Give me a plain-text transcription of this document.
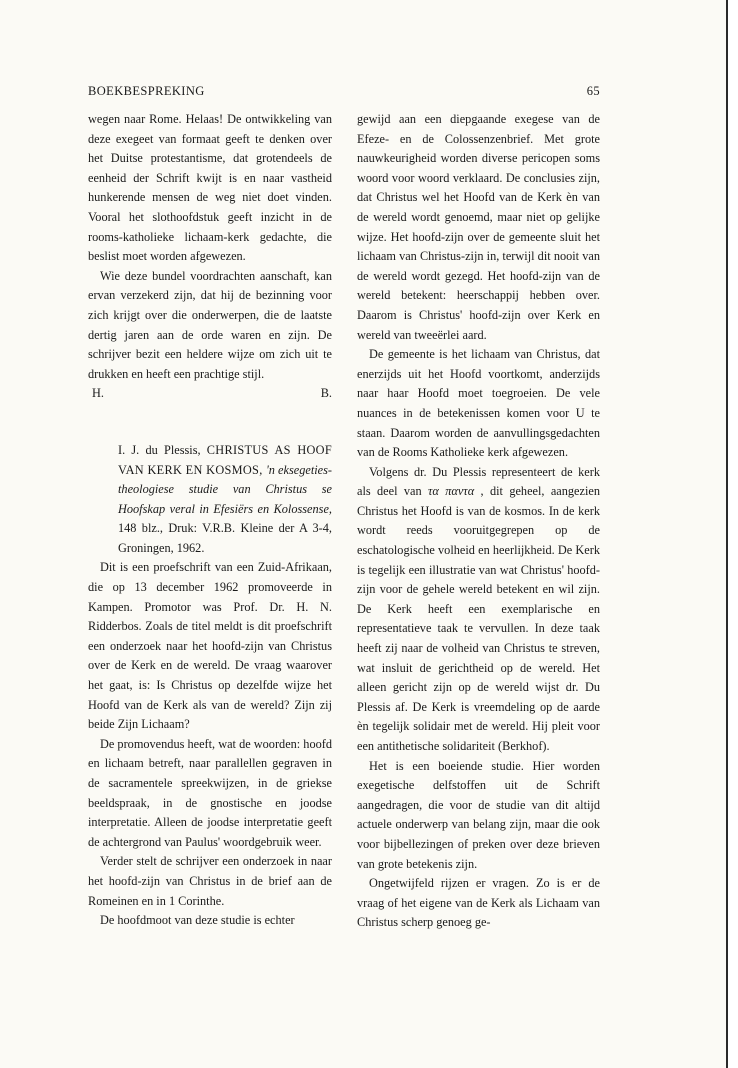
BOEKBESPREKING	65

wegen naar Rome. Helaas! De ontwikkeling van deze exegeet van formaat geeft te denken over het Duitse protestantisme, dat grotendeels de eenheid der Schrift kwijt is en naar vastheid hunkerende mensen de weg niet doet vinden. Vooral het slothoofdstuk geeft inzicht in de rooms-katholieke lichaam-kerk gedachte, die beslist moet worden afgewezen.

Wie deze bundel voordrachten aanschaft, kan ervan verzekerd zijn, dat hij de bezinning voor zich krijgt over die onderwerpen, die de laatste dertig jaren aan de orde waren en zijn. De schrijver bezit een heldere wijze om zich uit te drukken en heeft een prachtige stijl.

H.	B.
I. J. du Plessis, CHRISTUS AS HOOF VAN KERK EN KOSMOS, 'n eksegeties-theologiese studie van Christus se Hoofskap veral in Efesiërs en Kolossense, 148 blz., Druk: V.R.B. Kleine der A 3-4, Groningen, 1962.

Dit is een proefschrift van een Zuid-Afrikaan, die op 13 december 1962 promoveerde in Kampen. Promotor was Prof. Dr. H. N. Ridderbos. Zoals de titel meldt is dit proefschrift een onderzoek naar het hoofd-zijn van Christus over de Kerk en de wereld. De vraag waarover het gaat, is: Is Christus op dezelfde wijze het Hoofd van de Kerk als van de wereld? Zijn zij beide Zijn Lichaam?

De promovendus heeft, wat de woorden: hoofd en lichaam betreft, naar parallellen gegraven in de sacramentele spreekwijzen, in de griekse beeldspraak, in de gnostische en joodse interpretatie. Alleen de joodse interpretatie geeft de achtergrond van Paulus' woordgebruik weer.

Verder stelt de schrijver een onderzoek in naar het hoofd-zijn van Christus in de brief aan de Romeinen en in 1 Corinthe.

De hoofdmoot van deze studie is echter

gewijd aan een diepgaande exegese van de Efeze- en de Colossenzenbrief. Met grote nauwkeurigheid worden diverse pericopen soms woord voor woord verklaard. De conclusies zijn, dat Christus wel het Hoofd van de Kerk èn van de wereld wordt genoemd, maar niet op gelijke wijze. Het hoofd-zijn over de gemeente sluit het lichaam van Christus-zijn in, terwijl dit nooit van de wereld wordt gezegd. Het hoofd-zijn van de wereld betekent: heerschappij hebben over. Daarom is Christus' hoofd-zijn over Kerk en wereld van tweeërlei aard.

De gemeente is het lichaam van Christus, dat enerzijds uit het Hoofd voortkomt, anderzijds naar haar Hoofd moet toegroeien. De vele nuances in de betekenissen komen voor U te staan. Daarom worden de aanvullingsgedachten van de Rooms Katholieke kerk afgewezen.

Volgens dr. Du Plessis representeert de kerk als deel van τα παντα , dit geheel, aangezien Christus het Hoofd is van de kosmos. In de kerk wordt reeds vooruitgegrepen op de eschatologische volheid en heerlijkheid. De Kerk is tegelijk een illustratie van wat Christus' hoofd-zijn voor de gehele wereld betekent en wil zijn. De Kerk heeft een exemplarische en representatieve taak te vervullen. In deze taak heeft zij naar de volheid van Christus te streven, wat insluit de gerichtheid op de wereld. Het alleen gericht zijn op de wereld wijst dr. Du Plessis af. De Kerk is vreemdeling op de aarde èn tegelijk solidair met de wereld. Hij pleit voor een antithetische solidariteit (Berkhof).

Het is een boeiende studie. Hier worden exegetische delfstoffen uit de Schrift aangedragen, die voor de studie van dit altijd actuele onderwerp van belang zijn, maar die ook voor bijbellezingen of preken over deze brieven van grote betekenis zijn.

Ongetwijfeld rijzen er vragen. Zo is er de vraag of het eigene van de Kerk als Lichaam van Christus scherp genoeg ge-
